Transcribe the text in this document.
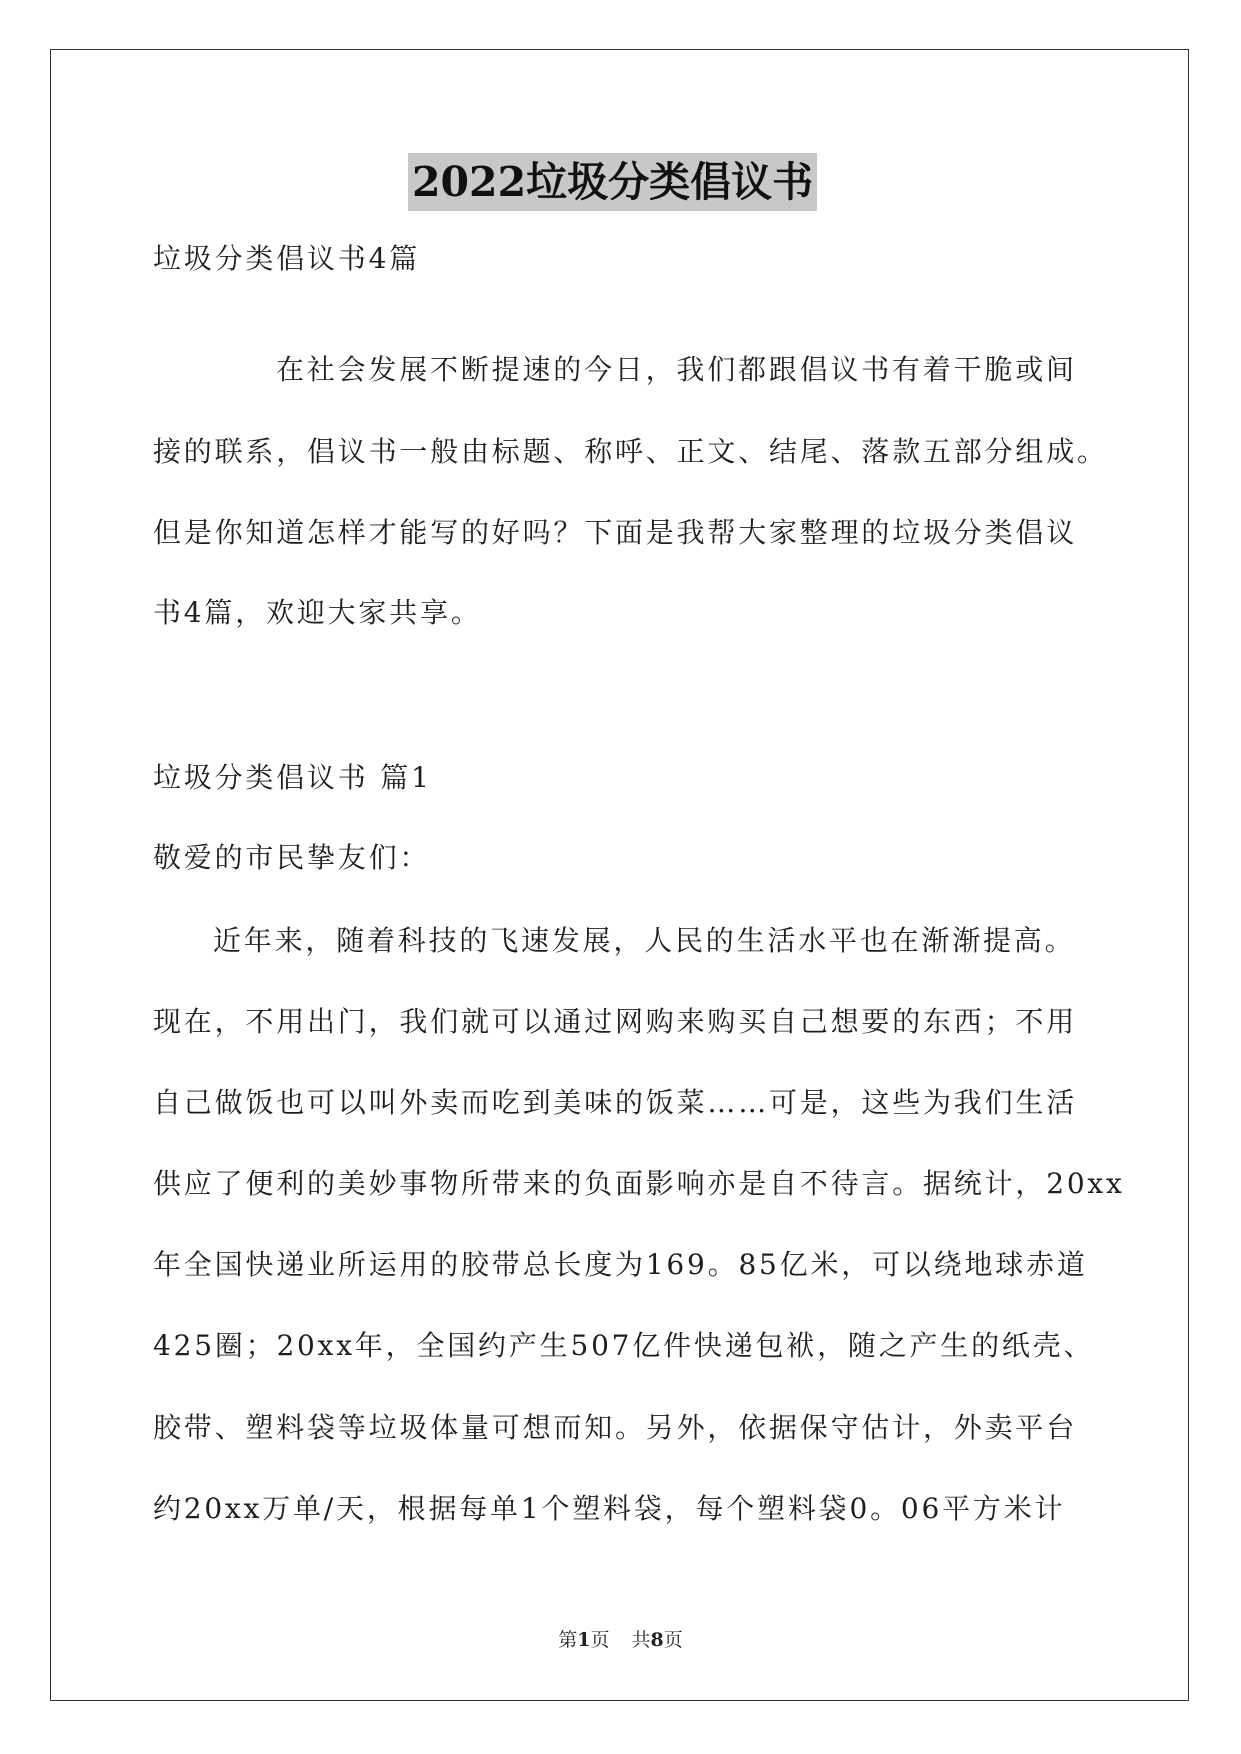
2022垃圾分类倡议书
垃圾分类倡议书4篇
在社会发展不断提速的今日，我们都跟倡议书有着干脆或间
接的联系，倡议书一般由标题、称呼、正文、结尾、落款五部分组成。
但是你知道怎样才能写的好吗？下面是我帮大家整理的垃圾分类倡议
书4篇，欢迎大家共享。
垃圾分类倡议书 篇1
敬爱的市民挚友们：
近年来，随着科技的飞速发展，人民的生活水平也在渐渐提高。
现在，不用出门，我们就可以通过网购来购买自己想要的东西；不用
自己做饭也可以叫外卖而吃到美味的饭菜……可是，这些为我们生活
供应了便利的美妙事物所带来的负面影响亦是自不待言。据统计，20xx
年全国快递业所运用的胶带总长度为169。85亿米，可以绕地球赤道
425圈；20xx年，全国约产生507亿件快递包袱，随之产生的纸壳、
胶带、塑料袋等垃圾体量可想而知。另外，依据保守估计，外卖平台
约20xx万单/天，根据每单1个塑料袋，每个塑料袋0。06平方米计
第1页 共8页
